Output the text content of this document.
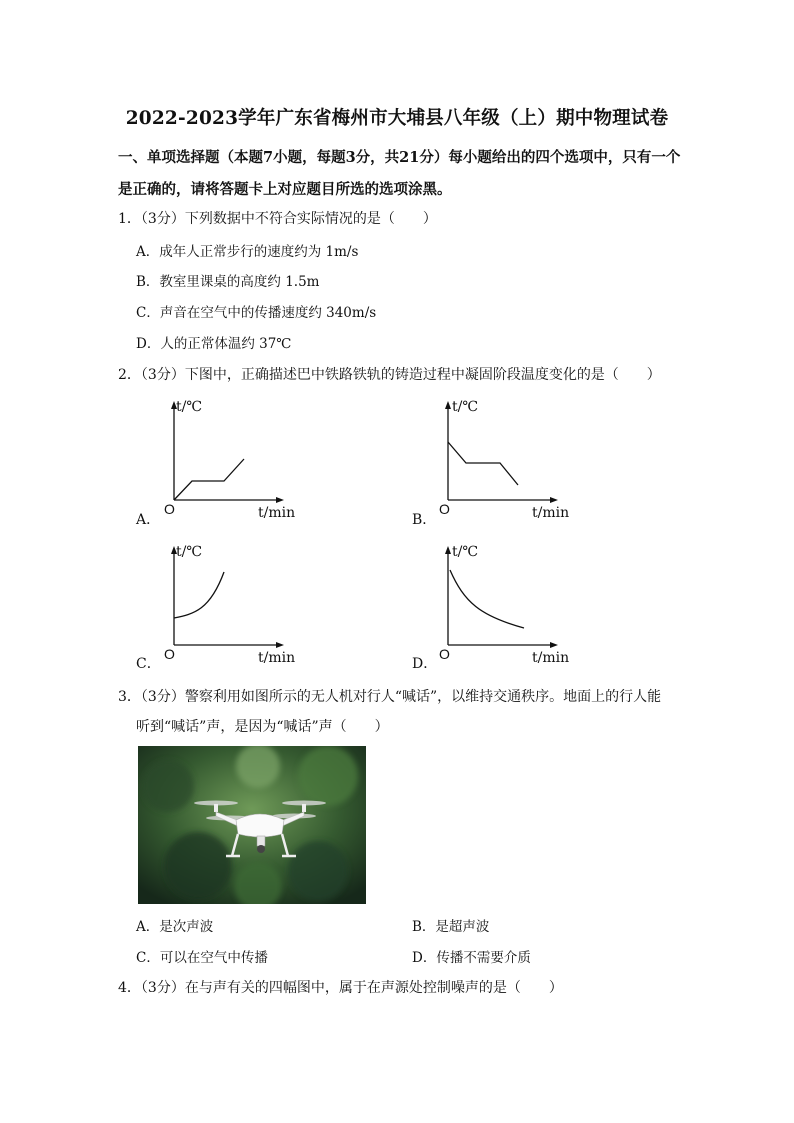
2022-2023学年广东省梅州市大埔县八年级（上）期中物理试卷
一、单项选择题（本题7小题，每题3分，共21分）每小题给出的四个选项中，只有一个
是正确的，请将答题卡上对应题目所选的选项涂黑。
1．（3分）下列数据中不符合实际情况的是（　　）
A．成年人正常步行的速度约为 1m/s
B．教室里课桌的高度约 1.5m
C．声音在空气中的传播速度约 340m/s
D．人的正常体温约 37℃
2．（3分）下图中，正确描述巴中铁路铁轨的铸造过程中凝固阶段温度变化的是（　　）
t/℃
t/min
O
A．
t/℃
t/min
O
B．
t/℃
t/min
O
C．
t/℃
t/min
O
D．
3．（3分）警察利用如图所示的无人机对行人“喊话”，以维持交通秩序。地面上的行人能
听到“喊话”声，是因为“喊话”声（　　）
A．是次声波	B．是超声波
C．可以在空气中传播	D．传播不需要介质
4．（3分）在与声有关的四幅图中，属于在声源处控制噪声的是（　　）
